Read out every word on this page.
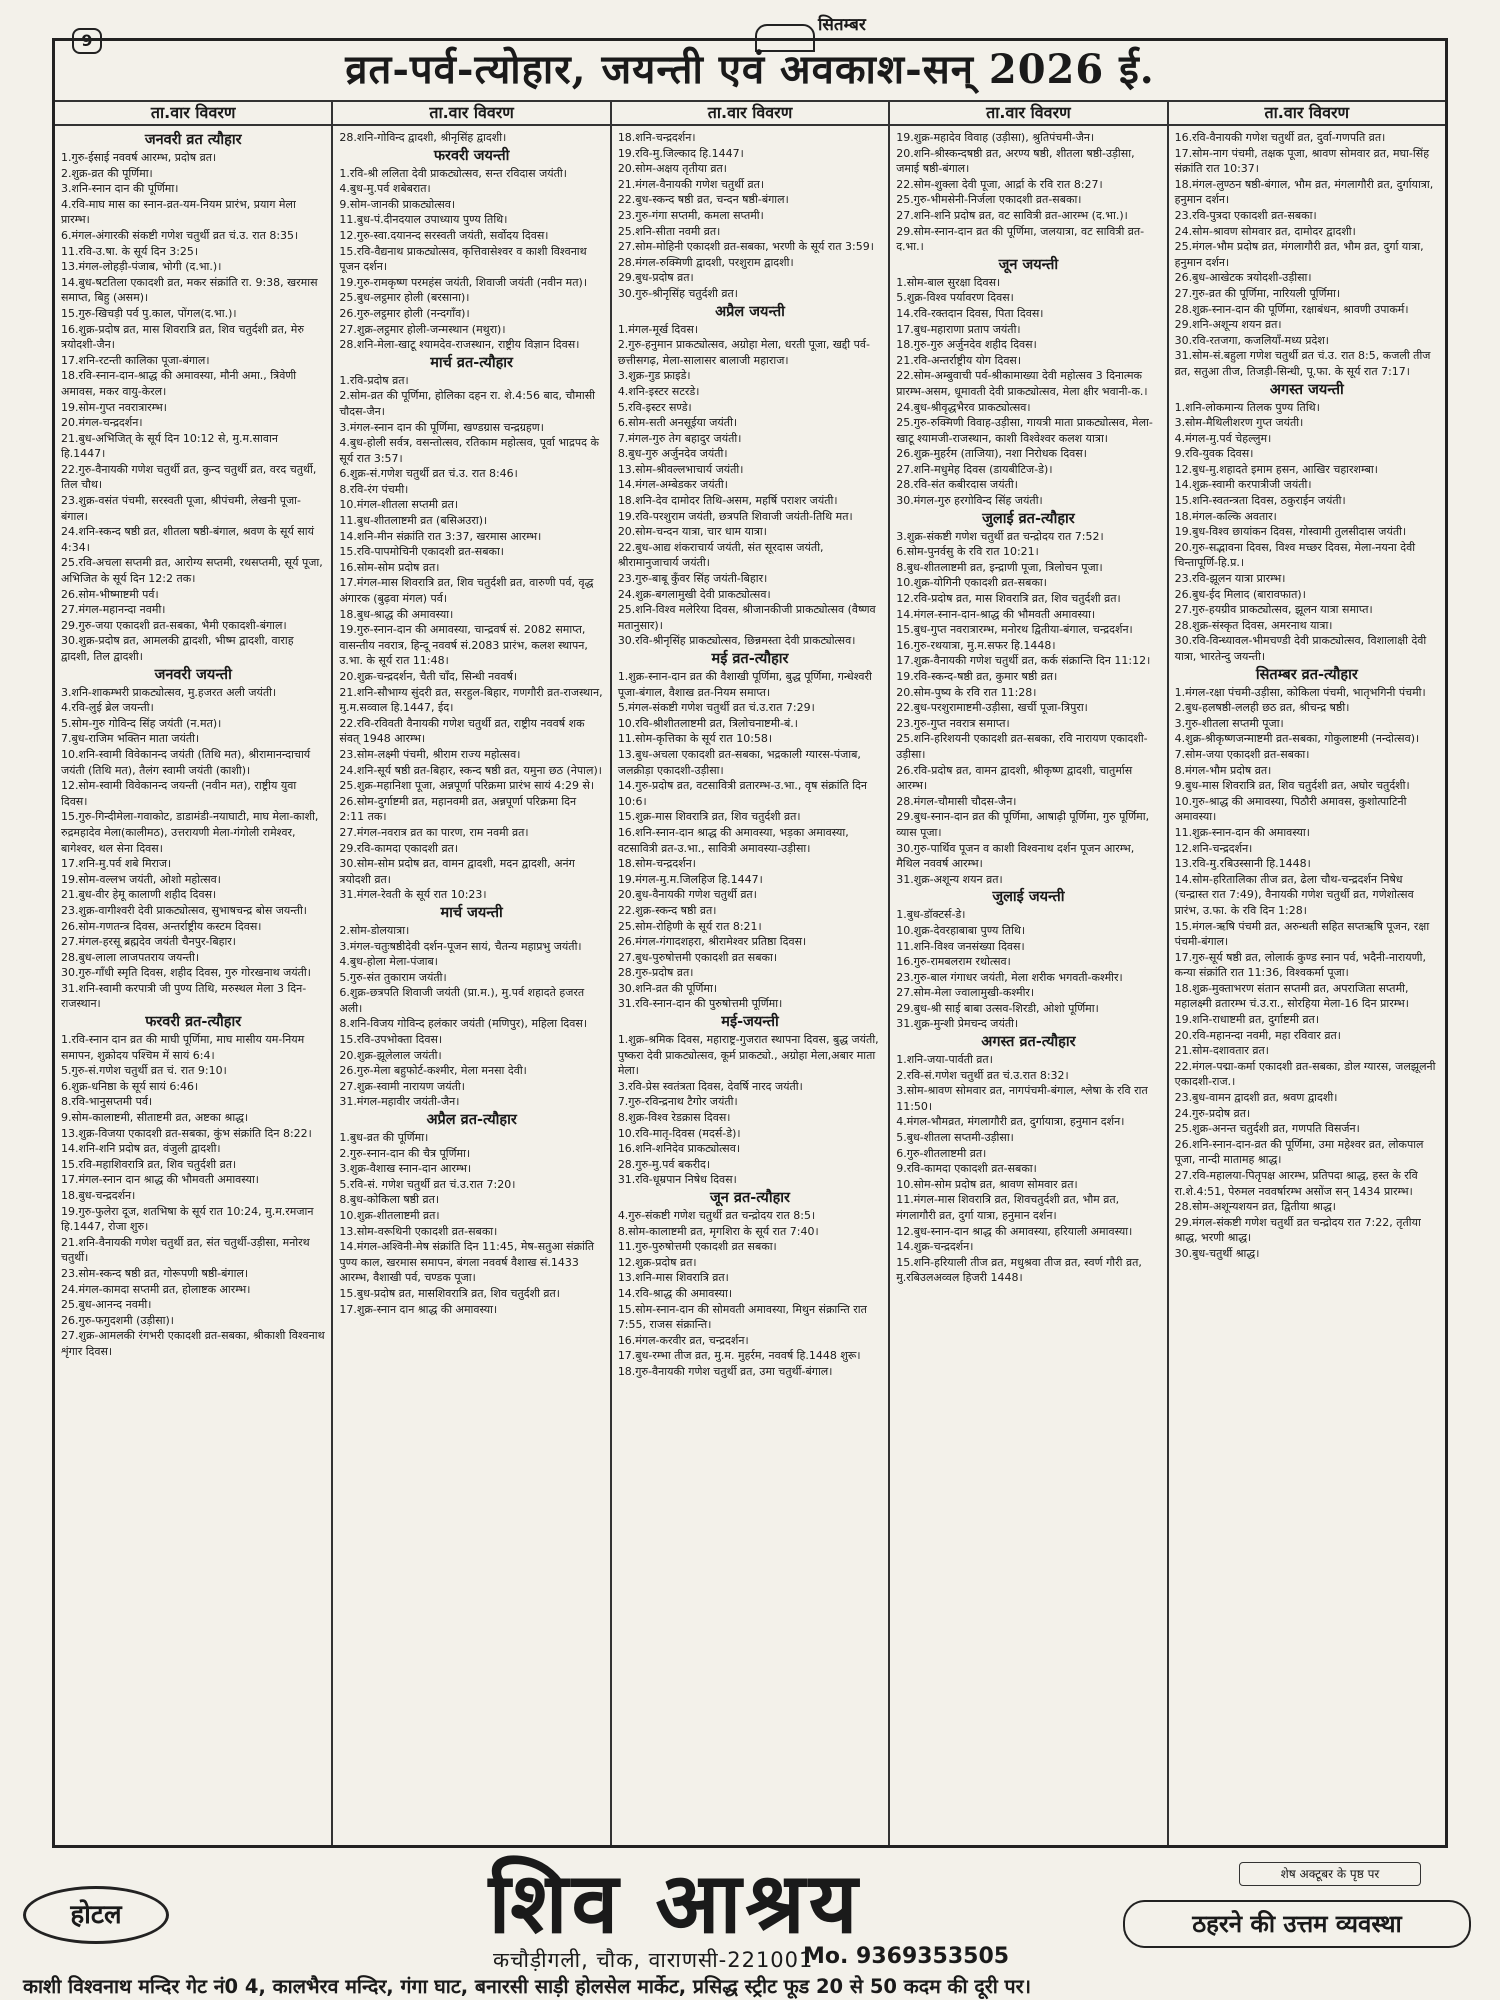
9
सितम्बर
व्रत-पर्व-त्योहार, जयन्ती एवं अवकाश-सन् 2026 ई.
ता.वार विवरण
जनवरी व्रत त्यौहार
1.गुरु-ईसाई नववर्ष आरम्भ, प्रदोष व्रत।
2.शुक्र-व्रत की पूर्णिमा।
3.शनि-स्नान दान की पूर्णिमा।
4.रवि-माघ मास का स्नान-व्रत-यम-नियम प्रारंभ, प्रयाग मेला प्रारम्भ।
6.मंगल-अंगारकी संकष्टी गणेश चतुर्थी व्रत चं.उ. रात 8:35।
11.रवि-उ.षा. के सूर्य दिन 3:25।
13.मंगल-लोहड़ी-पंजाब, भोगी (द.भा.)।
14.बुध-षटतिला एकादशी व्रत, मकर संक्रांति रा. 9:38, खरमास समाप्त, बिहु (असम)।
15.गुरु-खिचड़ी पर्व पु.काल, पोंगल(द.भा.)।
16.शुक्र-प्रदोष व्रत, मास शिवरात्रि व्रत, शिव चतुर्दशी व्रत, मेरु त्रयोदशी-जैन।
17.शनि-रटन्ती कालिका पूजा-बंगाल।
18.रवि-स्नान-दान-श्राद्ध की अमावस्या, मौनी अमा., त्रिवेणी अमावस, मकर वायु-केरल।
19.सोम-गुप्त नवरात्रारम्भ।
20.मंगल-चन्द्रदर्शन।
21.बुध-अभिजित् के सूर्य दिन 10:12 से, मु.म.सावान हि.1447।
22.गुरु-वैनायकी गणेश चतुर्थी व्रत, कुन्द चतुर्थी व्रत, वरद चतुर्थी, तिल चौथ।
23.शुक्र-वसंत पंचमी, सरस्वती पूजा, श्रीपंचमी, लेखनी पूजा-बंगाल।
24.शनि-स्कन्द षष्ठी व्रत, शीतला षष्ठी-बंगाल, श्रवण के सूर्य सायं 4:34।
25.रवि-अचला सप्तमी व्रत, आरोग्य सप्तमी, रथसप्तमी, सूर्य पूजा, अभिजित के सूर्य दिन 12:2 तक।
26.सोम-भीष्माष्टमी पर्व।
27.मंगल-महानन्दा नवमी।
29.गुरु-जया एकादशी व्रत-सबका, भैमी एकादशी-बंगाल।
30.शुक्र-प्रदोष व्रत, आमलकी द्वादशी, भीष्म द्वादशी, वाराह द्वादशी, तिल द्वादशी।
जनवरी जयन्ती
3.शनि-शाकम्भरी प्राकट्योत्सव, मु.हजरत अली जयंती।
4.रवि-लुई ब्रेल जयन्ती।
5.सोम-गुरु गोविन्द सिंह जयंती (न.मत)।
7.बुध-राजिम भक्तिन माता जयंती।
10.शनि-स्वामी विवेकानन्द जयंती (तिथि मत), श्रीरामानन्दाचार्य जयंती (तिथि मत), तैलंग स्वामी जयंती (काशी)।
12.सोम-स्वामी विवेकानन्द जयन्ती (नवीन मत), राष्ट्रीय युवा दिवस।
15.गुरु-गिन्दीमेला-गवाकोट, डाडामंडी-नयाघाटी, माघ मेला-काशी, रुद्रमहादेव मेला(कालीमठ), उत्तरायणी मेला-गंगोली रामेश्वर, बागेश्वर, थल सेना दिवस।
17.शनि-मु.पर्व शबे मिराज।
19.सोम-वल्लभ जयंती, ओशो महोत्सव।
21.बुध-वीर हेमू कालाणी शहीद दिवस।
23.शुक्र-वागीश्वरी देवी प्राकट्योत्सव, सुभाषचन्द्र बोस जयन्ती।
26.सोम-गणतन्त्र दिवस, अन्तर्राष्ट्रीय कस्टम दिवस।
27.मंगल-हरसू ब्रह्मदेव जयंती चैनपुर-बिहार।
28.बुध-लाला लाजपतराय जयन्ती।
30.गुरु-गाँधी स्मृति दिवस, शहीद दिवस, गुरु गोरखनाथ जयंती।
31.शनि-स्वामी करपात्री जी पुण्य तिथि, मरुस्थल मेला 3 दिन-राजस्थान।
फरवरी व्रत-त्यौहार
1.रवि-स्नान दान व्रत की माघी पूर्णिमा, माघ मासीय यम-नियम समापन, शुक्रोदय पश्चिम में सायं 6:4।
5.गुरु-सं.गणेश चतुर्थी व्रत चं. रात 9:10।
6.शुक्र-धनिष्ठा के सूर्य सायं 6:46।
8.रवि-भानुसप्तमी पर्व।
9.सोम-कालाष्टमी, सीताष्टमी व्रत, अष्टका श्राद्ध।
13.शुक्र-विजया एकादशी व्रत-सबका, कुंभ संक्रांति दिन 8:22।
14.शनि-शनि प्रदोष व्रत, वंजुली द्वादशी।
15.रवि-महाशिवरात्रि व्रत, शिव चतुर्दशी व्रत।
17.मंगल-स्नान दान श्राद्ध की भौमवती अमावस्या।
18.बुध-चन्द्रदर्शन।
19.गुरु-फुलेरा दूज, शतभिषा के सूर्य रात 10:24, मु.म.रमजान हि.1447, रोजा शुरु।
21.शनि-वैनायकी गणेश चतुर्थी व्रत, संत चतुर्थी-उड़ीसा, मनोरथ चतुर्थी।
23.सोम-स्कन्द षष्ठी व्रत, गोरूपणी षष्ठी-बंगाल।
24.मंगल-कामदा सप्तमी व्रत, होलाष्टक आरम्भ।
25.बुध-आनन्द नवमी।
26.गुरु-फगुदशमी (उड़ीसा)।
27.शुक्र-आमलकी रंगभरी एकादशी व्रत-सबका, श्रीकाशी विश्वनाथ शृंगार दिवस।
ता.वार विवरण
28.शनि-गोविन्द द्वादशी, श्रीनृसिंह द्वादशी।
फरवरी जयन्ती
1.रवि-श्री ललिता देवी प्राकट्योत्सव, सन्त रविदास जयंती।
4.बुध-मु.पर्व शबेबरात।
9.सोम-जानकी प्राकट्योत्सव।
11.बुध-पं.दीनदयाल उपाध्याय पुण्य तिथि।
12.गुरु-स्वा.दयानन्द सरस्वती जयंती, सर्वोदय दिवस।
15.रवि-वैद्यनाथ प्राकट्योत्सव, कृत्तिवासेश्वर व काशी विश्वनाथ पूजन दर्शन।
19.गुरु-रामकृष्ण परमहंस जयंती, शिवाजी जयंती (नवीन मत)।
25.बुध-लट्ठमार होली (बरसाना)।
26.गुरु-लट्ठमार होली (नन्दगाँव)।
27.शुक्र-लट्ठमार होली-जन्मस्थान (मथुरा)।
28.शनि-मेला-खाटू श्यामदेव-राजस्थान, राष्ट्रीय विज्ञान दिवस।
मार्च व्रत-त्यौहार
1.रवि-प्रदोष व्रत।
2.सोम-व्रत की पूर्णिमा, होलिका दहन रा. शे.4:56 बाद, चौमासी चौदस-जैन।
3.मंगल-स्नान दान की पूर्णिमा, खण्डग्रास चन्द्रग्रहण।
4.बुध-होली सर्वत्र, वसन्तोत्सव, रतिकाम महोत्सव, पूर्वा भाद्रपद के सूर्य रात 3:57।
6.शुक्र-सं.गणेश चतुर्थी व्रत चं.उ. रात 8:46।
8.रवि-रंग पंचमी।
10.मंगल-शीतला सप्तमी व्रत।
11.बुध-शीतलाष्टमी व्रत (बसिअउरा)।
14.शनि-मीन संक्रांति रात 3:37, खरमास आरम्भ।
15.रवि-पापमोचिनी एकादशी व्रत-सबका।
16.सोम-सोम प्रदोष व्रत।
17.मंगल-मास शिवरात्रि व्रत, शिव चतुर्दशी व्रत, वारुणी पर्व, वृद्ध अंगारक (बुढ़वा मंगल) पर्व।
18.बुध-श्राद्ध की अमावस्या।
19.गुरु-स्नान-दान की अमावस्या, चान्द्रवर्ष सं. 2082 समाप्त, वासन्तीय नवरात्र, हिन्दू नववर्ष सं.2083 प्रारंभ, कलश स्थापन, उ.भा. के सूर्य रात 11:48।
20.शुक्र-चन्द्रदर्शन, चैती चाँद, सिन्धी नववर्ष।
21.शनि-सौभाग्य सुंदरी व्रत, सरहुल-बिहार, गणगौरी व्रत-राजस्थान, मु.म.सव्वाल हि.1447, ईद।
22.रवि-रविवती वैनायकी गणेश चतुर्थी व्रत, राष्ट्रीय नववर्ष शक संवत् 1948 आरम्भ।
23.सोम-लक्ष्मी पंचमी, श्रीराम राज्य महोत्सव।
24.शनि-सूर्य षष्ठी व्रत-बिहार, स्कन्द षष्ठी व्रत, यमुना छठ (नेपाल)।
25.शुक्र-महानिशा पूजा, अन्नपूर्णा परिक्रमा प्रारंभ सायं 4:29 से।
26.सोम-दुर्गाष्टमी व्रत, महानवमी व्रत, अन्नपूर्णा परिक्रमा दिन 2:11 तक।
27.मंगल-नवरात्र व्रत का पारण, राम नवमी व्रत।
29.रवि-कामदा एकादशी व्रत।
30.सोम-सोम प्रदोष व्रत, वामन द्वादशी, मदन द्वादशी, अनंग त्रयोदशी व्रत।
31.मंगल-रेवती के सूर्य रात 10:23।
मार्च जयन्ती
2.सोम-डोलयात्रा।
3.मंगल-चतुःषष्ठीदेवी दर्शन-पूजन सायं, चैतन्य महाप्रभु जयंती।
4.बुध-होला मेला-पंजाब।
5.गुरु-संत तुकाराम जयंती।
6.शुक्र-छत्रपति शिवाजी जयंती (प्रा.म.), मु.पर्व शहादते हजरत अली।
8.शनि-विजय गोविन्द हलंकार जयंती (मणिपुर), महिला दिवस।
15.रवि-उपभोक्ता दिवस।
20.शुक्र-झूलेलाल जयंती।
26.गुरु-मेला बहुफोर्ट-कश्मीर, मेला मनसा देवी।
27.शुक्र-स्वामी नारायण जयंती।
31.मंगल-महावीर जयंती-जैन।
अप्रैल व्रत-त्यौहार
1.बुध-व्रत की पूर्णिमा।
2.गुरु-स्नान-दान की चैत्र पूर्णिमा।
3.शुक्र-वैशाख स्नान-दान आरम्भ।
5.रवि-सं. गणेश चतुर्थी व्रत चं.उ.रात 7:20।
8.बुध-कोकिला षष्ठी व्रत।
10.शुक्र-शीतलाष्टमी व्रत।
13.सोम-वरूथिनी एकादशी व्रत-सबका।
14.मंगल-अश्विनी-मेष संक्रांति दिन 11:45, मेष-सतुआ संक्रांति पुण्य काल, खरमास समापन, बंगला नववर्ष वैशाख सं.1433 आरम्भ, वैशाखी पर्व, चण्डक पूजा।
15.बुध-प्रदोष व्रत, मासशिवरात्रि व्रत, शिव चतुर्दशी व्रत।
17.शुक्र-स्नान दान श्राद्ध की अमावस्या।
ता.वार विवरण
18.शनि-चन्द्रदर्शन।
19.रवि-मु.जिल्काद हि.1447।
20.सोम-अक्षय तृतीया व्रत।
21.मंगल-वैनायकी गणेश चतुर्थी व्रत।
22.बुध-स्कन्द षष्ठी व्रत, चन्दन षष्ठी-बंगाल।
23.गुरु-गंगा सप्तमी, कमला सप्तमी।
25.शनि-सीता नवमी व्रत।
27.सोम-मोहिनी एकादशी व्रत-सबका, भरणी के सूर्य रात 3:59।
28.मंगल-रुक्मिणी द्वादशी, परशुराम द्वादशी।
29.बुध-प्रदोष व्रत।
30.गुरु-श्रीनृसिंह चतुर्दशी व्रत।
अप्रैल जयन्ती
1.मंगल-मूर्ख दिवस।
2.गुरु-हनुमान प्राकट्योत्सव, अग्रोहा मेला, धरती पूजा, खद्दी पर्व-छत्तीसगढ़, मेला-सालासर बालाजी महाराज।
3.शुक्र-गुड फ्राइडे।
4.शनि-इस्टर सटरडे।
5.रवि-इस्टर सण्डे।
6.सोम-सती अनसूईया जयंती।
7.मंगल-गुरु तेग बहादुर जयंती।
8.बुध-गुरु अर्जुनदेव जयंती।
13.सोम-श्रीवल्लभाचार्य जयंती।
14.मंगल-अम्बेडकर जयंती।
18.शनि-देव दामोदर तिथि-असम, महर्षि पराशर जयंती।
19.रवि-परशुराम जयंती, छत्रपति शिवाजी जयंती-तिथि मत।
20.सोम-चन्दन यात्रा, चार धाम यात्रा।
22.बुध-आद्य शंकराचार्य जयंती, संत सूरदास जयंती, श्रीरामानुजाचार्य जयंती।
23.गुरु-बाबू कुँवर सिंह जयंती-बिहार।
24.शुक्र-बगलामुखी देवी प्राकट्योत्सव।
25.शनि-विश्व मलेरिया दिवस, श्रीजानकीजी प्राकट्योत्सव (वैष्णव मतानुसार)।
30.रवि-श्रीनृसिंह प्राकट्योत्सव, छिन्नमस्ता देवी प्राकट्योत्सव।
मई व्रत-त्यौहार
1.शुक्र-स्नान-दान व्रत की वैशाखी पूर्णिमा, बुद्ध पूर्णिमा, गन्धेश्वरी पूजा-बंगाल, वैशाख व्रत-नियम समाप्त।
5.मंगल-संकष्टी गणेश चतुर्थी व्रत चं.उ.रात 7:29।
10.रवि-श्रीशीतलाष्टमी व्रत, त्रिलोचनाष्टमी-बं.।
11.सोम-कृत्तिका के सूर्य रात 10:58।
13.बुध-अचला एकादशी व्रत-सबका, भद्रकाली ग्यारस-पंजाब, जलक्रीड़ा एकादशी-उड़ीसा।
14.गुरु-प्रदोष व्रत, वटसावित्री व्रतारम्भ-उ.भा., वृष संक्रांति दिन 10:6।
15.शुक्र-मास शिवरात्रि व्रत, शिव चतुर्दशी व्रत।
16.शनि-स्नान-दान श्राद्ध की अमावस्या, भड़का अमावस्या, वटसावित्री व्रत-उ.भा., सावित्री अमावस्या-उड़ीसा।
18.सोम-चन्द्रदर्शन।
19.मंगल-मु.म.जिलहिज हि.1447।
20.बुध-वैनायकी गणेश चतुर्थी व्रत।
22.शुक्र-स्कन्द षष्ठी व्रत।
25.सोम-रोहिणी के सूर्य रात 8:21।
26.मंगल-गंगादशहरा, श्रीरामेश्वर प्रतिष्ठा दिवस।
27.बुध-पुरुषोत्तमी एकादशी व्रत सबका।
28.गुरु-प्रदोष व्रत।
30.शनि-व्रत की पूर्णिमा।
31.रवि-स्नान-दान की पुरुषोत्तमी पूर्णिमा।
मई-जयन्ती
1.शुक्र-श्रमिक दिवस, महाराष्ट्र-गुजरात स्थापना दिवस, बुद्ध जयंती, पुष्करा देवी प्राकट्योत्सव, कूर्म प्राकट्यो., अग्रोहा मेला,अबार माता मेला।
3.रवि-प्रेस स्वतंत्रता दिवस, देवर्षि नारद जयंती।
7.गुरु-रविन्द्रनाथ टैगोर जयंती।
8.शुक्र-विश्व रेडक्रास दिवस।
10.रवि-मातृ-दिवस (मदर्स-डे)।
16.शनि-शनिदेव प्राकट्योत्सव।
28.गुरु-मु.पर्व बकरीद।
31.रवि-धूम्रपान निषेध दिवस।
जून व्रत-त्यौहार
4.गुरु-संकष्टी गणेश चतुर्थी व्रत चन्द्रोदय रात 8:5।
8.सोम-कालाष्टमी व्रत, मृगशिरा के सूर्य रात 7:40।
11.गुरु-पुरुषोत्तमी एकादशी व्रत सबका।
12.शुक्र-प्रदोष व्रत।
13.शनि-मास शिवरात्रि व्रत।
14.रवि-श्राद्ध की अमावस्या।
15.सोम-स्नान-दान की सोमवती अमावस्या, मिथुन संक्रान्ति रात 7:55, राजस संक्रान्ति।
16.मंगल-करवीर व्रत, चन्द्रदर्शन।
17.बुध-रम्भा तीज व्रत, मु.म. मुहर्रम, नववर्ष हि.1448 शुरू।
18.गुरु-वैनायकी गणेश चतुर्थी व्रत, उमा चतुर्थी-बंगाल।
ता.वार विवरण
19.शुक्र-महादेव विवाह (उड़ीसा), श्रुतिपंचमी-जैन।
20.शनि-श्रीस्कन्दषष्ठी व्रत, अरण्य षष्ठी, शीतला षष्ठी-उड़ीसा, जमाई षष्ठी-बंगाल।
22.सोम-शुक्ला देवी पूजा, आर्द्रा के रवि रात 8:27।
25.गुरु-भीमसेनी-निर्जला एकादशी व्रत-सबका।
27.शनि-शनि प्रदोष व्रत, वट सावित्री व्रत-आरम्भ (द.भा.)।
29.सोम-स्नान-दान व्रत की पूर्णिमा, जलयात्रा, वट सावित्री व्रत-द.भा.।
जून जयन्ती
1.सोम-बाल सुरक्षा दिवस।
5.शुक्र-विश्व पर्यावरण दिवस।
14.रवि-रक्तदान दिवस, पिता दिवस।
17.बुध-महाराणा प्रताप जयंती।
18.गुरु-गुरु अर्जुनदेव शहीद दिवस।
21.रवि-अन्तर्राष्ट्रीय योग दिवस।
22.सोम-अम्बुवाची पर्व-श्रीकामाख्या देवी महोत्सव 3 दिनात्मक प्रारम्भ-असम, धूमावती देवी प्राकट्योत्सव, मेला क्षीर भवानी-क.।
24.बुध-श्रीवृद्धभैरव प्राकट्योत्सव।
25.गुरु-रुक्मिणी विवाह-उड़ीसा, गायत्री माता प्राकट्योत्सव, मेला-खाटू श्यामजी-राजस्थान, काशी विश्वेश्वर कलश यात्रा।
26.शुक्र-मुहर्रम (ताजिया), नशा निरोधक दिवस।
27.शनि-मधुमेह दिवस (डायबीटिज-डे)।
28.रवि-संत कबीरदास जयंती।
30.मंगल-गुरु हरगोविन्द सिंह जयंती।
जुलाई व्रत-त्यौहार
3.शुक्र-संकष्टी गणेश चतुर्थी व्रत चन्द्रोदय रात 7:52।
6.सोम-पुनर्वसु के रवि रात 10:21।
8.बुध-शीतलाष्टमी व्रत, इन्द्राणी पूजा, त्रिलोचन पूजा।
10.शुक्र-योगिनी एकादशी व्रत-सबका।
12.रवि-प्रदोष व्रत, मास शिवरात्रि व्रत, शिव चतुर्दशी व्रत।
14.मंगल-स्नान-दान-श्राद्ध की भौमवती अमावस्या।
15.बुध-गुप्त नवरात्रारम्भ, मनोरथ द्वितीया-बंगाल, चन्द्रदर्शन।
16.गुरु-रथयात्रा, मु.म.सफर हि.1448।
17.शुक्र-वैनायकी गणेश चतुर्थी व्रत, कर्क संक्रान्ति दिन 11:12।
19.रवि-स्कन्द-षष्ठी व्रत, कुमार षष्ठी व्रत।
20.सोम-पुष्य के रवि रात 11:28।
22.बुध-परशुरामाष्टमी-उड़ीसा, खर्ची पूजा-त्रिपुरा।
23.गुरु-गुप्त नवरात्र समाप्त।
25.शनि-हरिशयनी एकादशी व्रत-सबका, रवि नारायण एकादशी-उड़ीसा।
26.रवि-प्रदोष व्रत, वामन द्वादशी, श्रीकृष्ण द्वादशी, चातुर्मास आरम्भ।
28.मंगल-चौमासी चौदस-जैन।
29.बुध-स्नान-दान व्रत की पूर्णिमा, आषाढ़ी पूर्णिमा, गुरु पूर्णिमा, व्यास पूजा।
30.गुरु-पार्थिव पूजन व काशी विश्वनाथ दर्शन पूजन आरम्भ, मैथिल नववर्ष आरम्भ।
31.शुक्र-अशून्य शयन व्रत।
जुलाई जयन्ती
1.बुध-डॉक्टर्स-डे।
10.शुक्र-देवरहाबाबा पुण्य तिथि।
11.शनि-विश्व जनसंख्या दिवस।
16.गुरु-रामबलराम रथोत्सव।
23.गुरु-बाल गंगाधर जयंती, मेला शरीक भगवती-कश्मीर।
27.सोम-मेला ज्वालामुखी-कश्मीर।
29.बुध-श्री साई बाबा उत्सव-शिरडी, ओशो पूर्णिमा।
31.शुक्र-मुन्शी प्रेमचन्द जयंती।
अगस्त व्रत-त्यौहार
1.शनि-जया-पार्वती व्रत।
2.रवि-सं.गणेश चतुर्थी व्रत चं.उ.रात 8:32।
3.सोम-श्रावण सोमवार व्रत, नागपंचमी-बंगाल, श्लेषा के रवि रात 11:50।
4.मंगल-भौमव्रत, मंगलागौरी व्रत, दुर्गायात्रा, हनुमान दर्शन।
5.बुध-शीतला सप्तमी-उड़ीसा।
6.गुरु-शीतलाष्टमी व्रत।
9.रवि-कामदा एकादशी व्रत-सबका।
10.सोम-सोम प्रदोष व्रत, श्रावण सोमवार व्रत।
11.मंगल-मास शिवरात्रि व्रत, शिवचतुर्दशी व्रत, भौम व्रत, मंगलागौरी व्रत, दुर्गा यात्रा, हनुमान दर्शन।
12.बुध-स्नान-दान श्राद्ध की अमावस्या, हरियाली अमावस्या।
14.शुक्र-चन्द्रदर्शन।
15.शनि-हरियाली तीज व्रत, मधुश्रवा तीज व्रत, स्वर्ण गौरी व्रत, मु.रबिउलअव्वल हिजरी 1448।
ता.वार विवरण
16.रवि-वैनायकी गणेश चतुर्थी व्रत, दुर्वा-गणपति व्रत।
17.सोम-नाग पंचमी, तक्षक पूजा, श्रावण सोमवार व्रत, मघा-सिंह संक्रांति रात 10:37।
18.मंगल-लुण्ठन षष्ठी-बंगाल, भौम व्रत, मंगलागौरी व्रत, दुर्गायात्रा, हनुमान दर्शन।
23.रवि-पुत्रदा एकादशी व्रत-सबका।
24.सोम-श्रावण सोमवार व्रत, दामोदर द्वादशी।
25.मंगल-भौम प्रदोष व्रत, मंगलागौरी व्रत, भौम व्रत, दुर्गा यात्रा, हनुमान दर्शन।
26.बुध-आखेटक त्रयोदशी-उड़ीसा।
27.गुरु-व्रत की पूर्णिमा, नारियली पूर्णिमा।
28.शुक्र-स्नान-दान की पूर्णिमा, रक्षाबंधन, श्रावणी उपाकर्म।
29.शनि-अशून्य शयन व्रत।
30.रवि-रतजगा, कजलियाँ-मध्य प्रदेश।
31.सोम-सं.बहुला गणेश चतुर्थी व्रत चं.उ. रात 8:5, कजली तीज व्रत, सतुआ तीज, तिजड़ी-सिन्धी, पू.फा. के सूर्य रात 7:17।
अगस्त जयन्ती
1.शनि-लोकमान्य तिलक पुण्य तिथि।
3.सोम-मैथिलीशरण गुप्त जयंती।
4.मंगल-मु.पर्व चेहल्लुम।
9.रवि-युवक दिवस।
12.बुध-मु.शहादते इमाम हसन, आखिर चहारशम्बा।
14.शुक्र-स्वामी करपात्रीजी जयंती।
15.शनि-स्वतन्त्रता दिवस, ठकुराईन जयंती।
18.मंगल-कल्कि अवतार।
19.बुध-विश्व छायांकन दिवस, गोस्वामी तुलसीदास जयंती।
20.गुरु-सद्भावना दिवस, विश्व मच्छर दिवस, मेला-नयना देवी चिन्तापूर्णि-हि.प्र.।
23.रवि-झूलन यात्रा प्रारम्भ।
26.बुध-ईद मिलाद (बारावफात)।
27.गुरु-हयग्रीव प्राकट्योत्सव, झूलन यात्रा समाप्त।
28.शुक्र-संस्कृत दिवस, अमरनाथ यात्रा।
30.रवि-विन्ध्यावल-भीमचण्डी देवी प्राकट्योत्सव, विशालाक्षी देवी यात्रा, भारतेन्दु जयन्ती।
सितम्बर व्रत-त्यौहार
1.मंगल-रक्षा पंचमी-उड़ीसा, कोकिला पंचमी, भातृभगिनी पंचमी।
2.बुध-हलषष्ठी-ललही छठ व्रत, श्रीचन्द्र षष्ठी।
3.गुरु-शीतला सप्तमी पूजा।
4.शुक्र-श्रीकृष्णजन्माष्टमी व्रत-सबका, गोकुलाष्टमी (नन्दोत्सव)।
7.सोम-जया एकादशी व्रत-सबका।
8.मंगल-भौम प्रदोष व्रत।
9.बुध-मास शिवरात्रि व्रत, शिव चतुर्दशी व्रत, अघोर चतुर्दशी।
10.गुरु-श्राद्ध की अमावस्या, पिठौरी अमावस, कुशोत्पाटिनी अमावस्या।
11.शुक्र-स्नान-दान की अमावस्या।
12.शनि-चन्द्रदर्शन।
13.रवि-मु.रबिउस्सानी हि.1448।
14.सोम-हरितालिका तीज व्रत, ढेला चौथ-चन्द्रदर्शन निषेध (चन्द्रास्त रात 7:49), वैनायकी गणेश चतुर्थी व्रत, गणेशोत्सव प्रारंभ, उ.फा. के रवि दिन 1:28।
15.मंगल-ऋषि पंचमी व्रत, अरुन्धती सहित सप्तऋषि पूजन, रक्षा पंचमी-बंगाल।
17.गुरु-सूर्य षष्ठी व्रत, लोलार्क कुण्ड स्नान पर्व, भदैनी-नारायणी, कन्या संक्रांति रात 11:36, विश्वकर्मा पूजा।
18.शुक्र-मुक्ताभरण संतान सप्तमी व्रत, अपराजिता सप्तमी, महालक्ष्मी व्रतारम्भ चं.उ.रा., सोरहिया मेला-16 दिन प्रारम्भ।
19.शनि-राधाष्टमी व्रत, दुर्गाष्टमी व्रत।
20.रवि-महानन्दा नवमी, महा रविवार व्रत।
21.सोम-दशावतार व्रत।
22.मंगल-पद्मा-कर्मा एकादशी व्रत-सबका, डोल ग्यारस, जलझूलनी एकादशी-राज.।
23.बुध-वामन द्वादशी व्रत, श्रवण द्वादशी।
24.गुरु-प्रदोष व्रत।
25.शुक्र-अनन्त चतुर्दशी व्रत, गणपति विसर्जन।
26.शनि-स्नान-दान-व्रत की पूर्णिमा, उमा महेश्वर व्रत, लोकपाल पूजा, नान्दी मातामह श्राद्ध।
27.रवि-महालया-पितृपक्ष आरम्भ, प्रतिपदा श्राद्ध, हस्त के रवि रा.शे.4:51, पेरुमल नववर्षारम्भ असोंज सन् 1434 प्रारम्भ।
28.सोम-अशून्यशयन व्रत, द्वितीया श्राद्ध।
29.मंगल-संकष्टी गणेश चतुर्थी व्रत चन्द्रोदय रात 7:22, तृतीया श्राद्ध, भरणी श्राद्ध।
30.बुध-चतुर्थी श्राद्ध।
शेष अक्टूबर के पृष्ठ पर
होटल	शिव आश्रय	ठहरने की उत्तम व्यवस्था
कचौड़ीगली, चौक, वाराणसी-221001
Mo. 9369353505
काशी विश्वनाथ मन्दिर गेट नं0 4, कालभैरव मन्दिर, गंगा घाट, बनारसी साड़ी होलसेल मार्केट, प्रसिद्ध स्ट्रीट फूड 20 से 50 कदम की दूरी पर।
